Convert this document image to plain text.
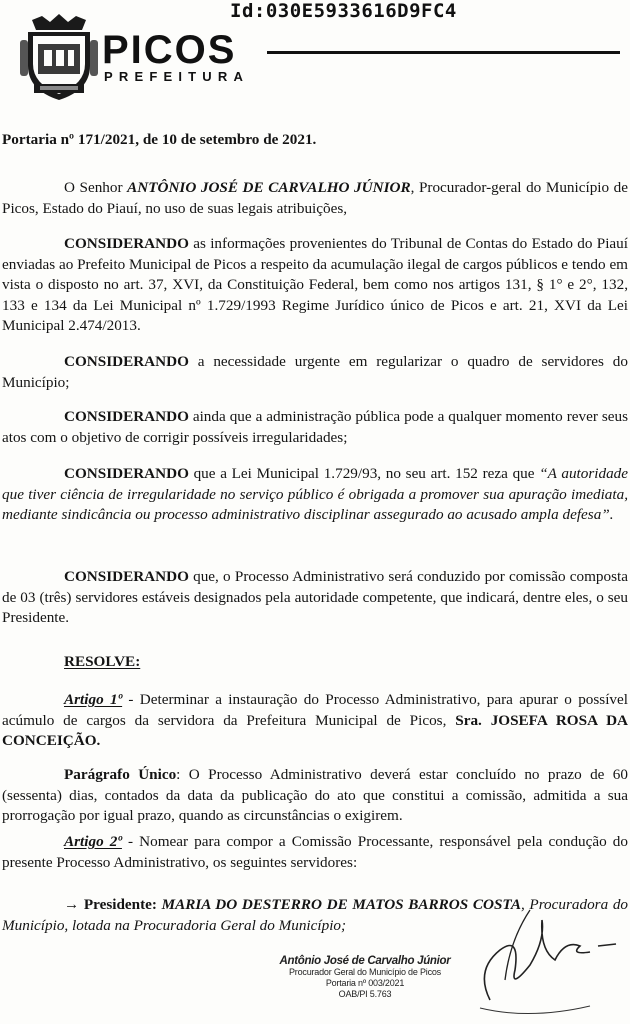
Id:030E5933616D9FC4
PICOS
PREFEITURA

Portaria nº 171/2021, de 10 de setembro de 2021.

O Senhor ANTÔNIO JOSÉ DE CARVALHO JÚNIOR, Procurador-geral do Município de Picos, Estado do Piauí, no uso de suas legais atribuições,

CONSIDERANDO as informações provenientes do Tribunal de Contas do Estado do Piauí enviadas ao Prefeito Municipal de Picos a respeito da acumulação ilegal de cargos públicos e tendo em vista o disposto no art. 37, XVI, da Constituição Federal, bem como nos artigos 131, § 1° e 2°, 132, 133 e 134 da Lei Municipal nº 1.729/1993 Regime Jurídico único de Picos e art. 21, XVI da Lei Municipal 2.474/2013.

CONSIDERANDO a necessidade urgente em regularizar o quadro de servidores do Município;

CONSIDERANDO ainda que a administração pública pode a qualquer momento rever seus atos com o objetivo de corrigir possíveis irregularidades;

CONSIDERANDO que a Lei Municipal 1.729/93, no seu art. 152 reza que “A autoridade que tiver ciência de irregularidade no serviço público é obrigada a promover sua apuração imediata, mediante sindicância ou processo administrativo disciplinar assegurado ao acusado ampla defesa”.

CONSIDERANDO que, o Processo Administrativo será conduzido por comissão composta de 03 (três) servidores estáveis designados pela autoridade competente, que indicará, dentre eles, o seu Presidente.

RESOLVE:

Artigo 1º - Determinar a instauração do Processo Administrativo, para apurar o possível acúmulo de cargos da servidora da Prefeitura Municipal de Picos, Sra. JOSEFA ROSA DA CONCEIÇÃO.

Parágrafo Único: O Processo Administrativo deverá estar concluído no prazo de 60 (sessenta) dias, contados da data da publicação do ato que constitui a comissão, admitida a sua prorrogação por igual prazo, quando as circunstâncias o exigirem.

Artigo 2º - Nomear para compor a Comissão Processante, responsável pela condução do presente Processo Administrativo, os seguintes servidores:

→ Presidente: MARIA DO DESTERRO DE MATOS BARROS COSTA, Procuradora do Município, lotada na Procuradoria Geral do Município;

Antônio José de Carvalho Júnior
Procurador Geral do Município de Picos
Portaria nº 003/2021
OAB/PI 5.763
